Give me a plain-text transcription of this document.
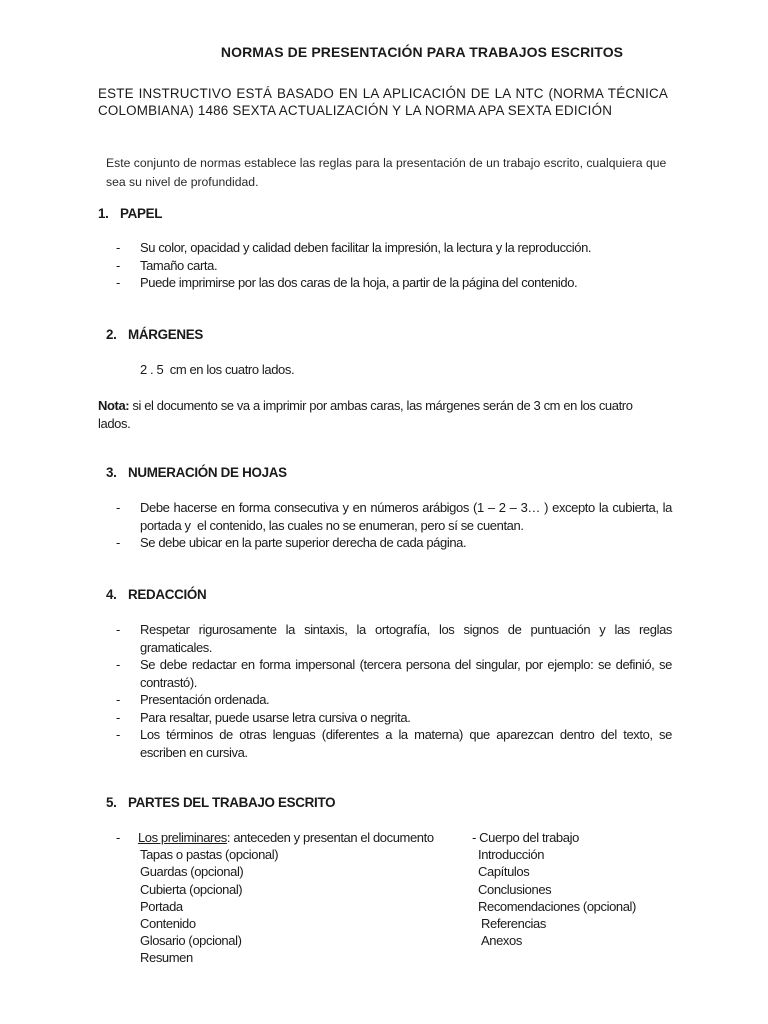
NORMAS DE PRESENTACIÓN PARA TRABAJOS ESCRITOS
ESTE INSTRUCTIVO ESTÁ BASADO EN LA APLICACIÓN DE LA NTC (NORMA TÉCNICA COLOMBIANA) 1486 SEXTA ACTUALIZACIÓN Y LA NORMA APA SEXTA EDICIÓN
Este conjunto de normas establece las reglas para la presentación de un trabajo escrito, cualquiera que sea su nivel de profundidad.
1. PAPEL
- Su color, opacidad y calidad deben facilitar la impresión, la lectura y la reproducción.
- Tamaño carta.
- Puede imprimirse por las dos caras de la hoja, a partir de la página del contenido.
2. MÁRGENES
2 . 5  cm en los cuatro lados.
Nota: si el documento se va a imprimir por ambas caras, las márgenes serán de 3 cm en los cuatro lados.
3. NUMERACIÓN DE HOJAS
- Debe hacerse en forma consecutiva y en números arábigos (1 – 2 – 3… ) excepto la cubierta, la portada y  el contenido, las cuales no se enumeran, pero sí se cuentan.
- Se debe ubicar en la parte superior derecha de cada página.
4. REDACCIÓN
- Respetar rigurosamente la sintaxis, la ortografía, los signos de puntuación y las reglas gramaticales.
- Se debe redactar en forma impersonal (tercera persona del singular, por ejemplo: se definió, se contrastó).
- Presentación ordenada.
- Para resaltar, puede usarse letra cursiva o negrita.
- Los términos de otras lenguas (diferentes a la materna) que aparezcan dentro del texto, se escriben en cursiva.
5. PARTES DEL TRABAJO ESCRITO
- Los preliminares: anteceden y presentan el documento
Tapas o pastas (opcional)
Guardas (opcional)
Cubierta (opcional)
Portada
Contenido
Glosario (opcional)
Resumen
- Cuerpo del trabajo
Introducción
Capítulos
Conclusiones
Recomendaciones (opcional)
Referencias
Anexos
